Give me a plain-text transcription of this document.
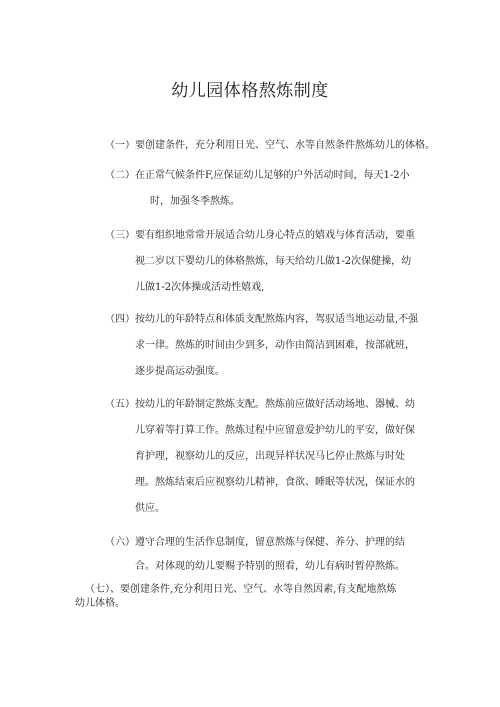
幼儿园体格熬炼制度
（一）要创建条件，充分利用日光、空气、水等自然条件熬炼幼儿的体格。
（二）在正常气候条件F,应保证幼儿足够的户外活动时间，每天1-2小
时，加强冬季熬炼。
（三）要有组织地常常开展适合幼儿身心特点的嬉戏与体育活动，要重
视二岁以下婴幼儿的体格熬炼，每天给幼儿做1-2次保健操，幼
儿做1-2次体操或活动性嬉戏,
（四）按幼儿的年龄特点和体质支配熬炼内容，驾驭适当地运动量,不强
求一律。熬炼的时间由少到多，动作由简洁到困难，按部就班，
逐步提高运动强度。
（五）按幼儿的年龄制定熬炼支配。熬炼前应做好活动场地、器械、幼
儿穿着等打算工作。熬炼过程中应留意爱护幼儿的平安，做好保
育护理，视察幼儿的反应，出现异样状况马匕停止熬炼与时处
理。熬炼结束后应视察幼儿精神，食欲、睡眠等状况，保证水的
供应。
（六）遵守合理的生活作息制度，留意熬炼与保健、养分、护理的结
合。对体现的幼儿要赐予特别的照看，幼儿有病时暂停熬炼。
（七）、要创建条件,充分利用日光、空气、水等自然因素,有支配地熬炼
幼儿体格。
